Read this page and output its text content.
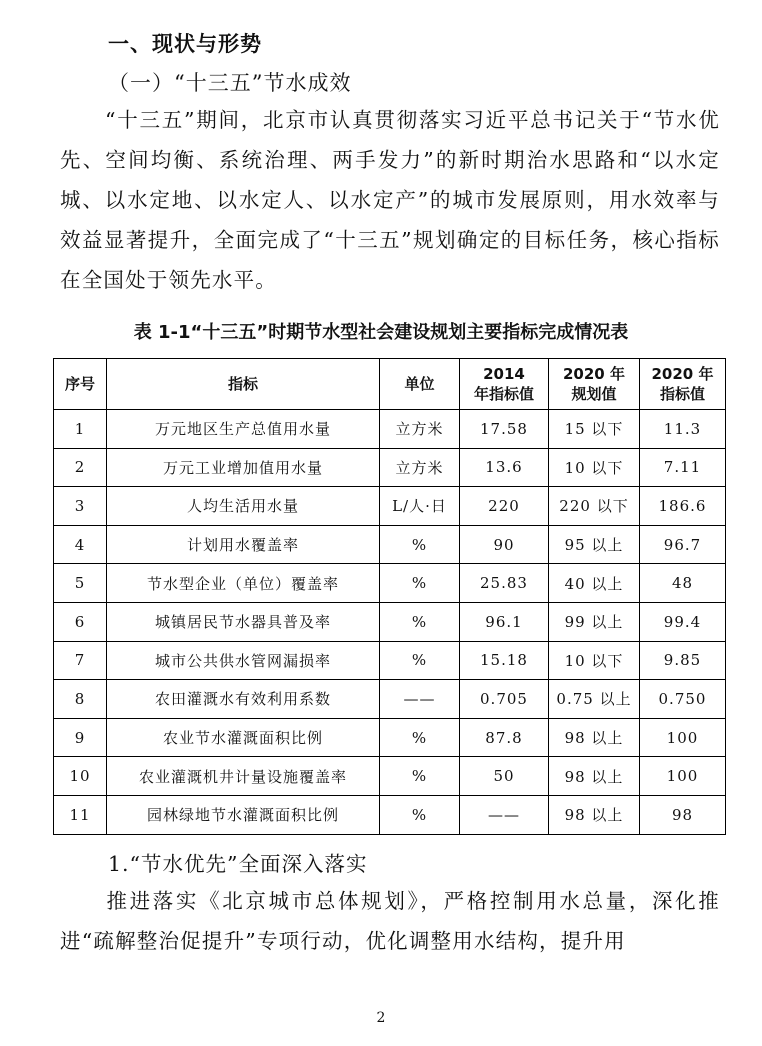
一、现状与形势
（一）“十三五”节水成效

“十三五”期间，北京市认真贯彻落实习近平总书记关于“节水优先、空间均衡、系统治理、两手发力”的新时期治水思路和“以水定城、以水定地、以水定人、以水定产”的城市发展原则，用水效率与效益显著提升，全面完成了“十三五”规划确定的目标任务，核心指标在全国处于领先水平。

表 1-1“十三五”时期节水型社会建设规划主要指标完成情况表
序号	指标	单位	2014 年指标值	2020 年规划值	2020 年指标值
1	万元地区生产总值用水量	立方米	17.58	15 以下	11.3
2	万元工业增加值用水量	立方米	13.6	10 以下	7.11
3	人均生活用水量	L/人·日	220	220 以下	186.6
4	计划用水覆盖率	%	90	95 以上	96.7
5	节水型企业（单位）覆盖率	%	25.83	40 以上	48
6	城镇居民节水器具普及率	%	96.1	99 以上	99.4
7	城市公共供水管网漏损率	%	15.18	10 以下	9.85
8	农田灌溉水有效利用系数	——	0.705	0.75 以上	0.750
9	农业节水灌溉面积比例	%	87.8	98 以上	100
10	农业灌溉机井计量设施覆盖率	%	50	98 以上	100
11	园林绿地节水灌溉面积比例	%	——	98 以上	98
1.“节水优先”全面深入落实

推进落实《北京城市总体规划》，严格控制用水总量，深化推进“疏解整治促提升”专项行动，优化调整用水结构，提升用

2
